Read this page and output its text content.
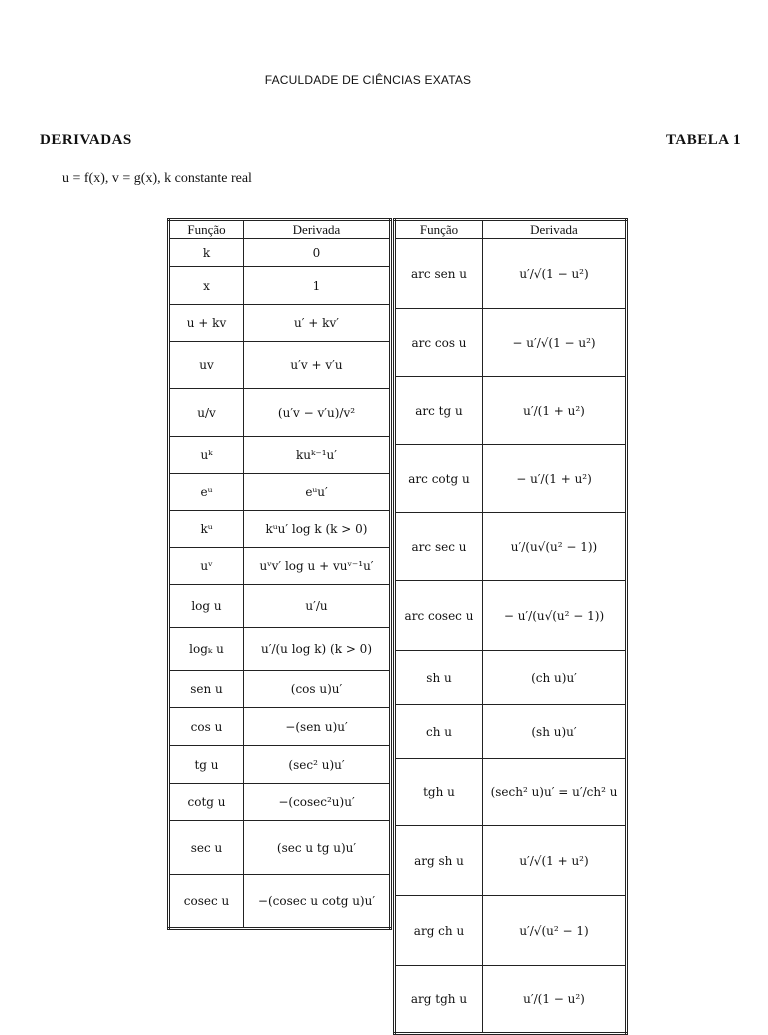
FACULDADE DE CIÊNCIAS EXATAS
DERIVADAS	TABELA 1
u = f(x), v = g(x), k constante real
Função	Derivada
k	0
x	1
u + kv	u′ + kv′
uv	u′v + v′u
u/v	(u′v − v′u)/v²
uᵏ	kuᵏ⁻¹u′
eᵘ	eᵘu′
kᵘ	kᵘu′ log k (k > 0)
uᵛ	uᵛv′ log u + vuᵛ⁻¹u′
log u	u′/u
logₖ u	u′/(u log k) (k > 0)
sen u	(cos u)u′
cos u	−(sen u)u′
tg u	(sec² u)u′
cotg u	−(cosec²u)u′
sec u	(sec u tg u)u′
cosec u	−(cosec u cotg u)u′
Função	Derivada
arc sen u	u′/√(1 − u²)
arc cos u	− u′/√(1 − u²)
arc tg u	u′/(1 + u²)
arc cotg u	− u′/(1 + u²)
arc sec u	u′/(u√(u² − 1))
arc cosec u	− u′/(u√(u² − 1))
sh u	(ch u)u′
ch u	(sh u)u′
tgh u	(sech² u)u′ = u′/ch² u
arg sh u	u′/√(1 + u²)
arg ch u	u′/√(u² − 1)
arg tgh u	u′/(1 − u²)
